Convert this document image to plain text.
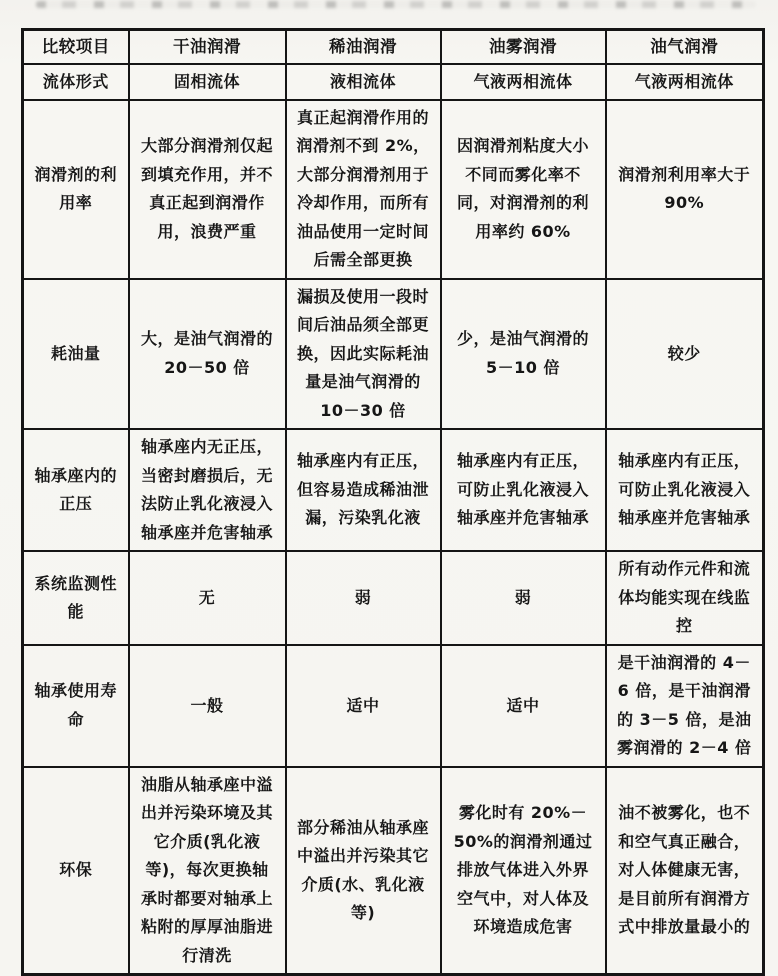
比较项目	干油润滑	稀油润滑	油雾润滑	油气润滑
流体形式	固相流体	液相流体	气液两相流体	气液两相流体
润滑剂的利用率	大部分润滑剂仅起到填充作用，并不真正起到润滑作用，浪费严重	真正起润滑作用的润滑剂不到 2%，大部分润滑剂用于冷却作用，而所有油品使用一定时间后需全部更换	因润滑剂粘度大小不同而雾化率不同，对润滑剂的利用率约 60%	润滑剂利用率大于 90%
耗油量	大，是油气润滑的 20－50 倍	漏损及使用一段时间后油品须全部更换，因此实际耗油量是油气润滑的 10－30 倍	少，是油气润滑的 5－10 倍	较少
轴承座内的正压	轴承座内无正压，当密封磨损后，无法防止乳化液浸入轴承座并危害轴承	轴承座内有正压，但容易造成稀油泄漏，污染乳化液	轴承座内有正压，可防止乳化液浸入轴承座并危害轴承	轴承座内有正压，可防止乳化液浸入轴承座并危害轴承
系统监测性能	无	弱	弱	所有动作元件和流体均能实现在线监控
轴承使用寿命	一般	适中	适中	是干油润滑的 4－6 倍，是干油润滑的 3－5 倍，是油雾润滑的 2－4 倍
环保	油脂从轴承座中溢出并污染环境及其它介质(乳化液等)，每次更换轴承时都要对轴承上粘附的厚厚油脂进行清洗	部分稀油从轴承座中溢出并污染其它介质(水、乳化液等)	雾化时有 20%－50%的润滑剂通过排放气体进入外界空气中，对人体及环境造成危害	油不被雾化，也不和空气真正融合，对人体健康无害，是目前所有润滑方式中排放量最小的
